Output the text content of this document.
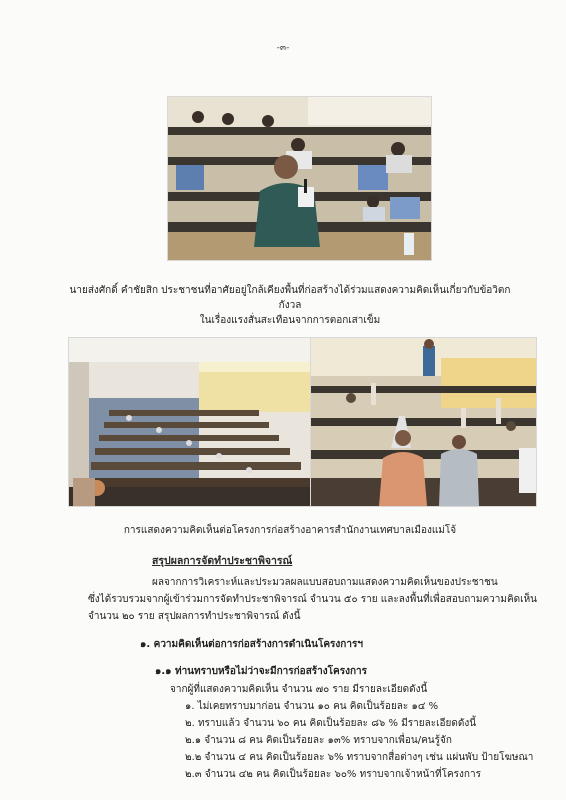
-๓-
นายส่งศักดิ์ คำชัยสิก ประชาชนที่อาศัยอยู่ใกล้เคียงพื้นที่ก่อสร้างได้ร่วมแสดงความคิดเห็นเกี่ยวกับข้อวิตกกังวล
ในเรื่องแรงสั่นสะเทือนจากการตอกเสาเข็ม
การแสดงความคิดเห็นต่อโครงการก่อสร้างอาคารสำนักงานเทศบาลเมืองแม่โจ้
สรุปผลการจัดทำประชาพิจารณ์
ผลจากการวิเคราะห์และประมวลผลแบบสอบถามแสดงความคิดเห็นของประชาชน
ซึ่งได้รวบรวมจากผู้เข้าร่วมการจัดทำประชาพิจารณ์ จำนวน ๕๐ ราย และลงพื้นที่เพื่อสอบถามความคิดเห็น
จำนวน ๒๐ ราย สรุปผลการทำประชาพิจารณ์ ดังนี้
๑. ความคิดเห็นต่อการก่อสร้างการดำเนินโครงการฯ
๑.๑ ท่านทราบหรือไม่ว่าจะมีการก่อสร้างโครงการ
จากผู้ที่แสดงความคิดเห็น จำนวน ๗๐ ราย มีรายละเอียดดังนี้
๑. ไม่เคยทราบมาก่อน จำนวน ๑๐ คน คิดเป็นร้อยละ ๑๔ %
๒. ทราบแล้ว จำนวน ๖๐ คน คิดเป็นร้อยละ ๘๖ % มีรายละเอียดดังนี้
๒.๑ จำนวน ๘ คน คิดเป็นร้อยละ ๑๓% ทราบจากเพื่อน/คนรู้จัก
๒.๒ จำนวน ๔ คน คิดเป็นร้อยละ ๖% ทราบจากสื่อต่างๆ เช่น แผ่นพับ ป้ายโฆษณา
๒.๓ จำนวน ๔๒ คน คิดเป็นร้อยละ ๖๐% ทราบจากเจ้าหน้าที่โครงการ
